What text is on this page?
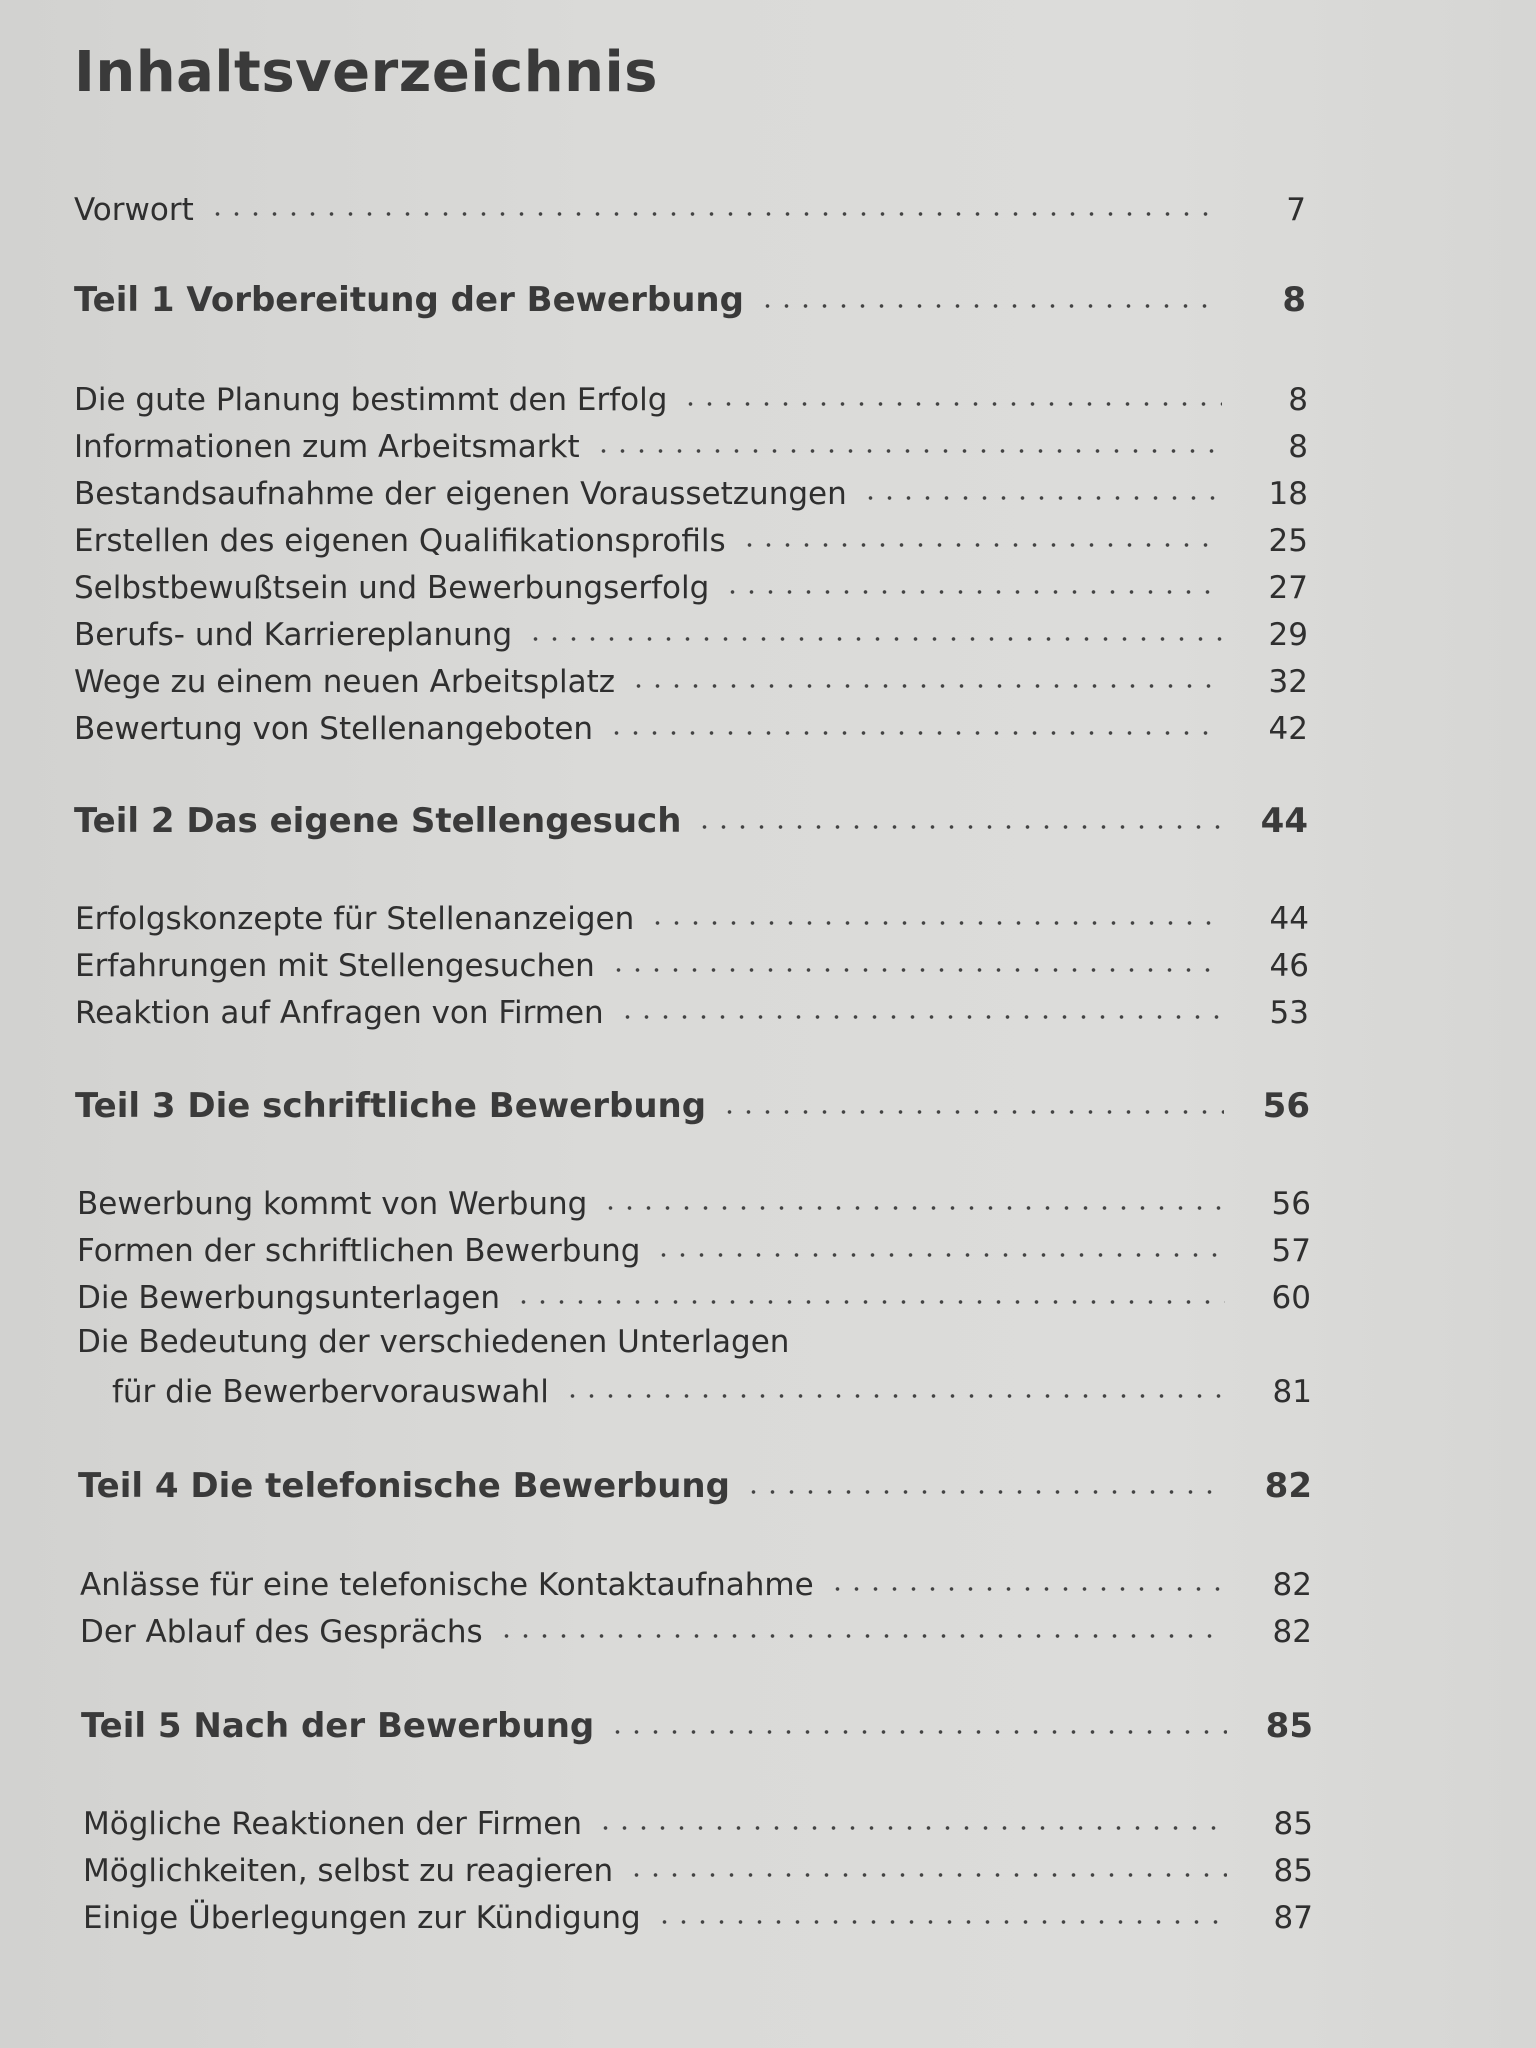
Inhaltsverzeichnis
Vorwort	7
Teil 1 Vorbereitung der Bewerbung	8
Die gute Planung bestimmt den Erfolg	8
Informationen zum Arbeitsmarkt	8
Bestandsaufnahme der eigenen Voraussetzungen	18
Erstellen des eigenen Qualifikationsprofils	25
Selbstbewußtsein und Bewerbungserfolg	27
Berufs- und Karriereplanung	29
Wege zu einem neuen Arbeitsplatz	32
Bewertung von Stellenangeboten	42
Teil 2 Das eigene Stellengesuch	44
Erfolgskonzepte für Stellenanzeigen	44
Erfahrungen mit Stellengesuchen	46
Reaktion auf Anfragen von Firmen	53
Teil 3 Die schriftliche Bewerbung	56
Bewerbung kommt von Werbung	56
Formen der schriftlichen Bewerbung	57
Die Bewerbungsunterlagen	60
Die Bedeutung der verschiedenen Unterlagen
für die Bewerbervorauswahl	81
Teil 4 Die telefonische Bewerbung	82
Anlässe für eine telefonische Kontaktaufnahme	82
Der Ablauf des Gesprächs	82
Teil 5 Nach der Bewerbung	85
Mögliche Reaktionen der Firmen	85
Möglichkeiten, selbst zu reagieren	85
Einige Überlegungen zur Kündigung	87
